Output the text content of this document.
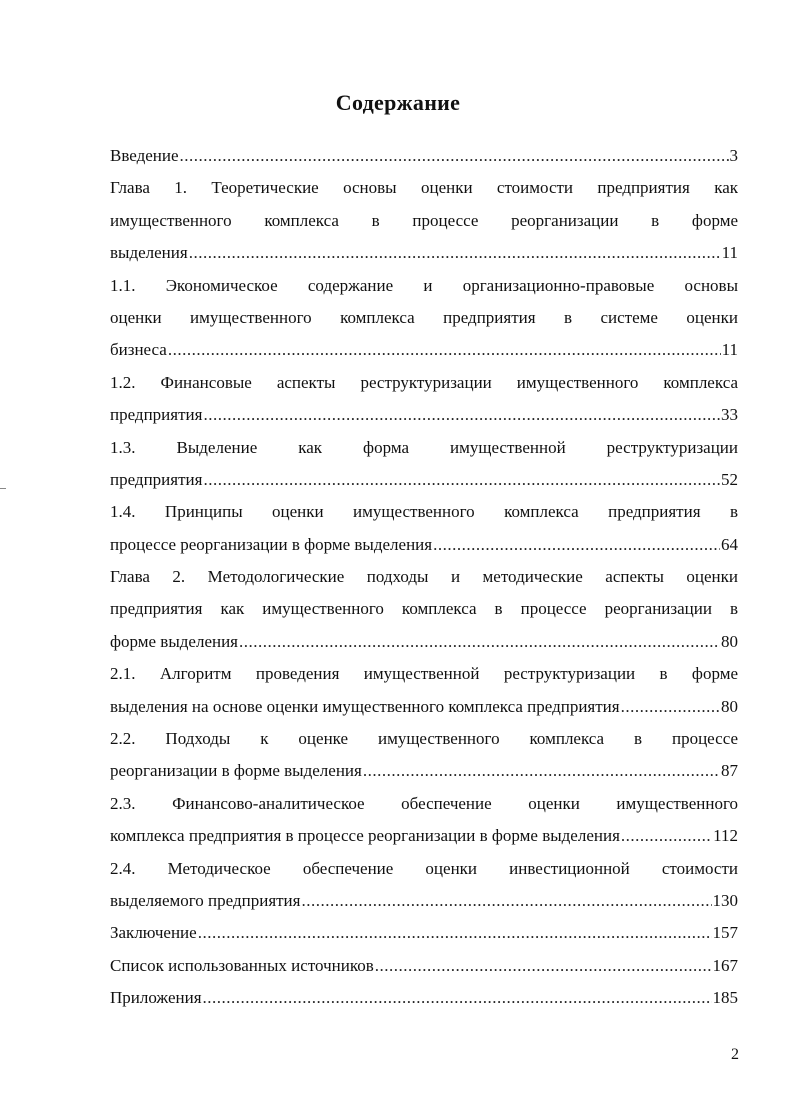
Содержание
Введение .....	3
Глава 1. Теоретические основы оценки стоимости предприятия как
имущественного комплекса в процессе реорганизации в форме
выделения .....	11
1.1. Экономическое содержание и организационно-правовые основы
оценки имущественного комплекса предприятия в системе оценки
бизнеса .....	11
1.2. Финансовые аспекты реструктуризации имущественного комплекса
предприятия .....	33
1.3. Выделение как форма имущественной реструктуризации
предприятия .....	52
1.4. Принципы оценки имущественного комплекса предприятия в
процессе реорганизации в форме выделения .....	64
Глава 2. Методологические подходы и методические аспекты оценки
предприятия как имущественного комплекса в процессе реорганизации в
форме выделения .....	80
2.1. Алгоритм проведения имущественной реструктуризации в форме
выделения на основе оценки имущественного комплекса предприятия .....	80
2.2. Подходы к оценке имущественного комплекса в процессе
реорганизации в форме выделения .....	87
2.3. Финансово-аналитическое обеспечение оценки имущественного
комплекса предприятия в процессе реорганизации в форме выделения .....	112
2.4. Методическое обеспечение оценки инвестиционной стоимости
выделяемого предприятия .....	130
Заключение .....	157
Список использованных источников .....	167
Приложения .....	185
2
